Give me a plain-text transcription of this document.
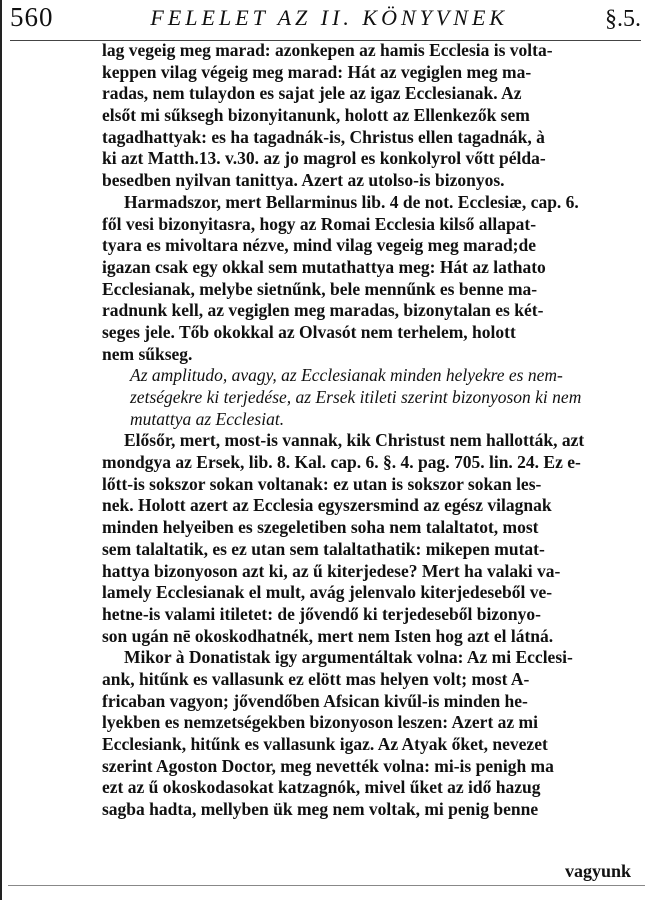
560	FELELET AZ II. KÖNYVNEK	§.5.

lag vegeig meg marad: azonkepen az hamis Ecclesia is volta-

keppen vilag végeig meg marad: Hát az vegiglen meg ma-

radas, nem tulaydon es sajat jele az igaz Ecclesianak. Az

elsőt mi sűksegh bizonyitanunk, holott az Ellenkezők sem

tagadhattyak: es ha tagadnák-is, Christus ellen tagadnák, à

ki azt Matth.13. v.30. az jo magrol es konkolyrol vőtt példa-

besedben nyilvan tanittya. Azert az utolso-is bizonyos.

Harmadszor, mert Bellarminus lib. 4 de not. Ecclesiæ, cap. 6.

fől vesi bizonyitasra, hogy az Romai Ecclesia kilső allapat-

tyara es mivoltara nézve, mind vilag vegeig meg marad;de

igazan csak egy okkal sem mutathattya meg: Hát az lathato

Ecclesianak, melybe sietnűnk, bele mennűnk es benne ma-

radnunk kell, az vegiglen meg maradas, bizonytalan es két-

seges jele. Tőb okokkal az Olvasót nem terhelem, holott

nem sűkseg.

Az amplitudo, avagy, az Ecclesianak minden helyekre es nem-

zetségekre ki terjedése, az Ersek itileti szerint bizonyoson ki nem

mutattya az Ecclesiat.

Elősőr, mert, most-is vannak, kik Christust nem hallották, azt

mondgya az Ersek, lib. 8. Kal. cap. 6. §. 4. pag. 705. lin. 24. Ez e-

lőtt-is sokszor sokan voltanak: ez utan is sokszor sokan les-

nek. Holott azert az Ecclesia egyszersmind az egész vilagnak

minden helyeiben es szegeletiben soha nem talaltatot, most

sem talaltatik, es ez utan sem talaltathatik: mikepen mutat-

hattya bizonyoson azt ki, az ű kiterjedese? Mert ha valaki va-

lamely Ecclesianak el mult, avág jelenvalo kiterjedeseből ve-

hetne-is valami itiletet: de jővendő ki terjedeseből bizonyo-

son ugán nē okoskodhatnék, mert nem Isten hog azt el látná.

Mikor à Donatistak igy argumentáltak volna: Az mi Ecclesi-

ank, hitűnk es vallasunk ez elött mas helyen volt; most A-

fricaban vagyon; jővendőben Afsican kivűl-is minden he-

lyekben es nemzetségekben bizonyoson leszen: Azert az mi

Ecclesiank, hitűnk es vallasunk igaz. Az Atyak őket, nevezet

szerint Agoston Doctor, meg nevették volna: mi-is penigh ma

ezt az ű okoskodasokat katzagnók, mivel űket az idő hazug

sagba hadta, mellyben ük meg nem voltak, mi penig benne

vagyunk
